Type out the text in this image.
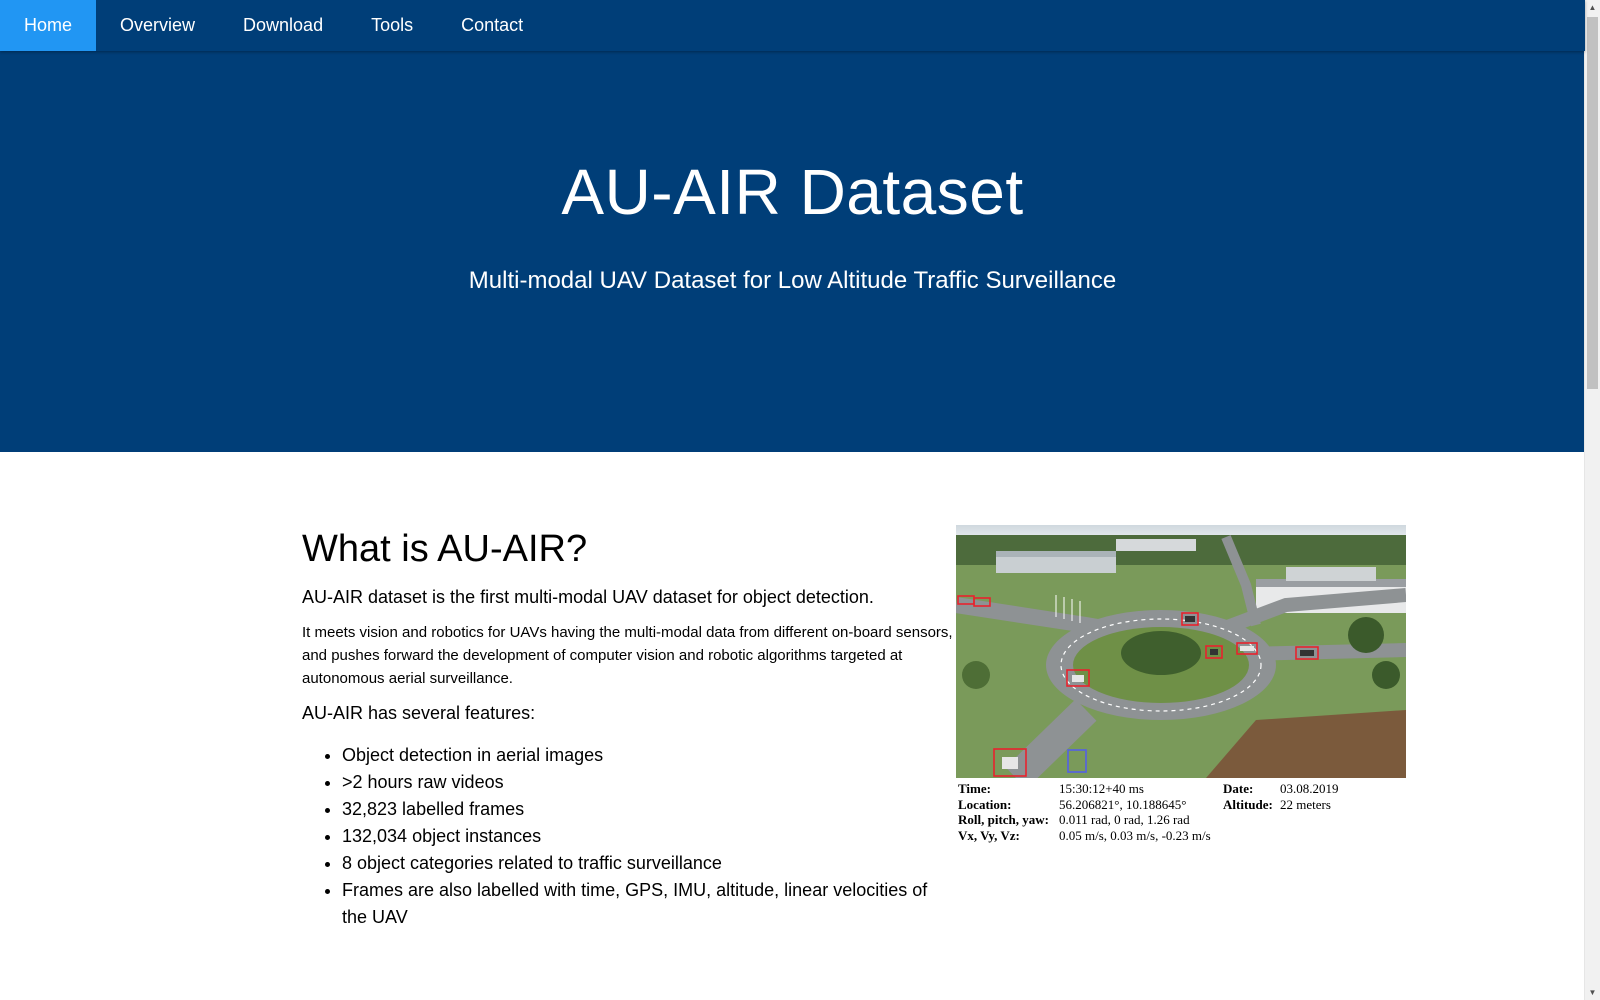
Home	Overview	Download	Tools	Contact
AU-AIR Dataset
Multi-modal UAV Dataset for Low Altitude Traffic Surveillance
What is AU-AIR?

AU-AIR dataset is the first multi-modal UAV dataset for object detection.

It meets vision and robotics for UAVs having the multi-modal data from different on-board sensors, and pushes forward the development of computer vision and robotic algorithms targeted at autonomous aerial surveillance.

AU-AIR has several features:

• Object detection in aerial images
• >2 hours raw videos
• 32,823 labelled frames
• 132,034 object instances
• 8 object categories related to traffic surveillance
• Frames are also labelled with time, GPS, IMU, altitude, linear velocities of the UAV
Time:	15:30:12+40 ms	Date: 03.08.2019
Location:	56.206821°, 10.188645°	Altitude: 22 meters
Roll, pitch, yaw: 0.011 rad, 0 rad, 1.26 rad
Vx, Vy, Vz:	0.05 m/s, 0.03 m/s, -0.23 m/s
▲
▼
